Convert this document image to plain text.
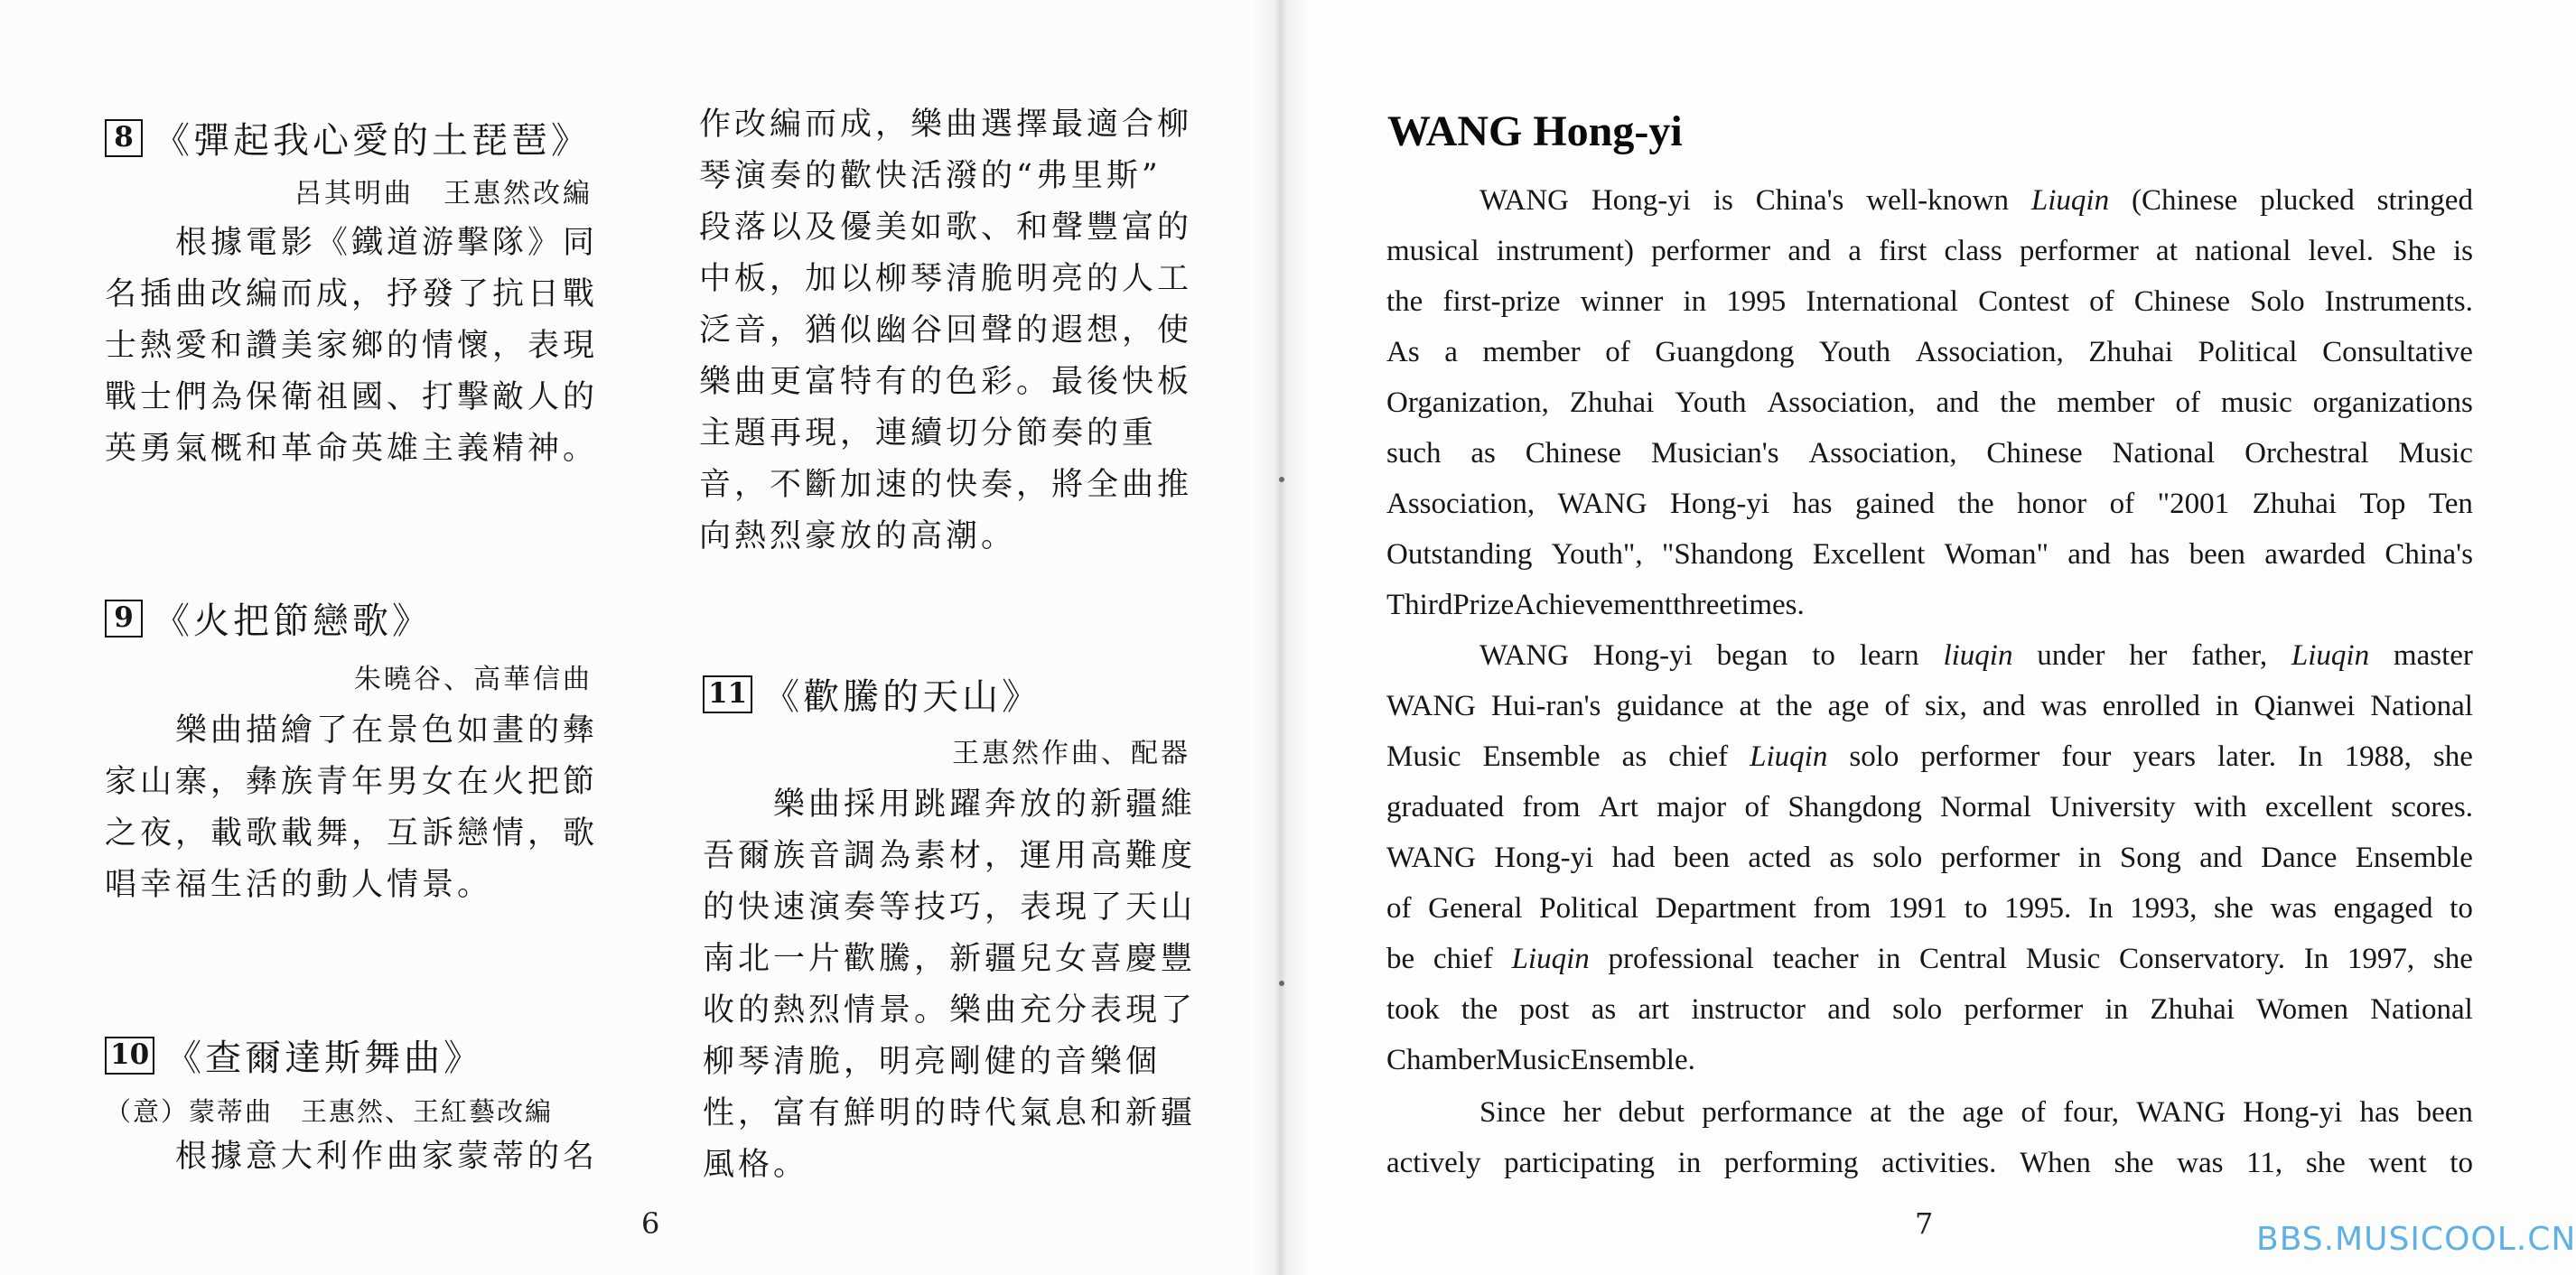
8 《彈起我心愛的土琵琶》
呂其明曲　王惠然改編
根據電影《鐵道游擊隊》同
名插曲改編而成，抒發了抗日戰
士熱愛和讚美家鄉的情懷，表現
戰士們為保衛祖國、打擊敵人的
英勇氣概和革命英雄主義精神。
9 《火把節戀歌》
朱曉谷、高華信曲
樂曲描繪了在景色如畫的彝
家山寨，彝族青年男女在火把節
之夜，載歌載舞，互訴戀情，歌
唱幸福生活的動人情景。
10 《查爾達斯舞曲》
（意）蒙蒂曲　王惠然、王紅藝改編
根據意大利作曲家蒙蒂的名
作改編而成，樂曲選擇最適合柳
琴演奏的歡快活潑的“弗里斯”
段落以及優美如歌、和聲豐富的
中板，加以柳琴清脆明亮的人工
泛音，猶似幽谷回聲的遐想，使
樂曲更富特有的色彩。最後快板
主題再現，連續切分節奏的重
音，不斷加速的快奏，將全曲推
向熱烈豪放的高潮。
11 《歡騰的天山》
王惠然作曲、配器
樂曲採用跳躍奔放的新疆維
吾爾族音調為素材，運用高難度
的快速演奏等技巧，表現了天山
南北一片歡騰，新疆兒女喜慶豐
收的熱烈情景。樂曲充分表現了
柳琴清脆，明亮剛健的音樂個
性，富有鮮明的時代氣息和新疆
風格。
6
WANG Hong-yi
WANG Hong-yi is China's well-known Liuqin (Chinese plucked stringed
musical instrument) performer and a first class performer at national level. She is
the first-prize winner in 1995 International Contest of Chinese Solo Instruments.
As a member of Guangdong Youth Association, Zhuhai Political Consultative
Organization, Zhuhai Youth Association, and the member of music organizations
such as Chinese Musician's Association, Chinese National Orchestral Music
Association, WANG Hong-yi has gained the honor of "2001 Zhuhai Top Ten
Outstanding Youth", "Shandong Excellent Woman" and has been awarded China's
Third Prize Achievement three times.
WANG Hong-yi began to learn liuqin under her father, Liuqin master
WANG Hui-ran's guidance at the age of six, and was enrolled in Qianwei National
Music Ensemble as chief Liuqin solo performer four years later. In 1988, she
graduated from Art major of Shangdong Normal University with excellent scores.
WANG Hong-yi had been acted as solo performer in Song and Dance Ensemble
of General Political Department from 1991 to 1995. In 1993, she was engaged to
be chief Liuqin professional teacher in Central Music Conservatory. In 1997, she
took the post as art instructor and solo performer in Zhuhai Women National
Chamber Music Ensemble.
Since her debut performance at the age of four, WANG Hong-yi has been
actively participating in performing activities. When she was 11, she went to
7	BBS.MUSICOOL.CN
